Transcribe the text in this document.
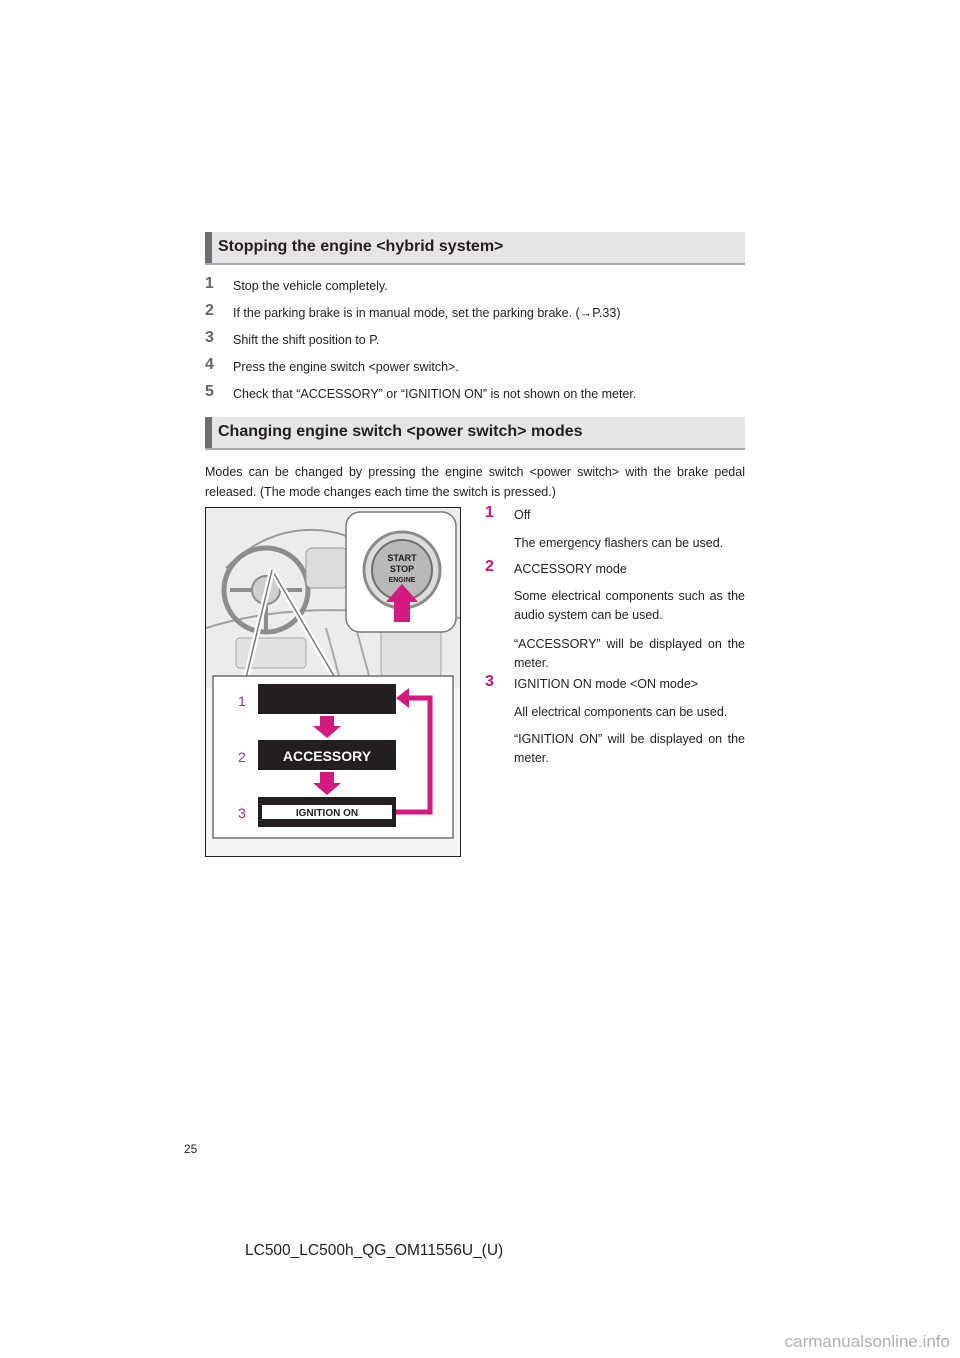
Stopping the engine <hybrid system>
1 Stop the vehicle completely.
2 If the parking brake is in manual mode, set the parking brake. (→P.33)
3 Shift the shift position to P.
4 Press the engine switch <power switch>.
5 Check that “ACCESSORY” or “IGNITION ON” is not shown on the meter.
Changing engine switch <power switch> modes
Modes can be changed by pressing the engine switch <power switch> with the brake pedal released. (The mode changes each time the switch is pressed.)
START
STOP
ENGINE
1
2
3
ACCESSORY
IGNITION ON
1 Off
The emergency flashers can be used.
2 ACCESSORY mode
Some electrical components such as the audio system can be used.
“ACCESSORY” will be displayed on the meter.
3 IGNITION ON mode <ON mode>
All electrical components can be used.
“IGNITION ON” will be displayed on the meter.
25
LC500_LC500h_QG_OM11556U_(U)
carmanualsonline.info
